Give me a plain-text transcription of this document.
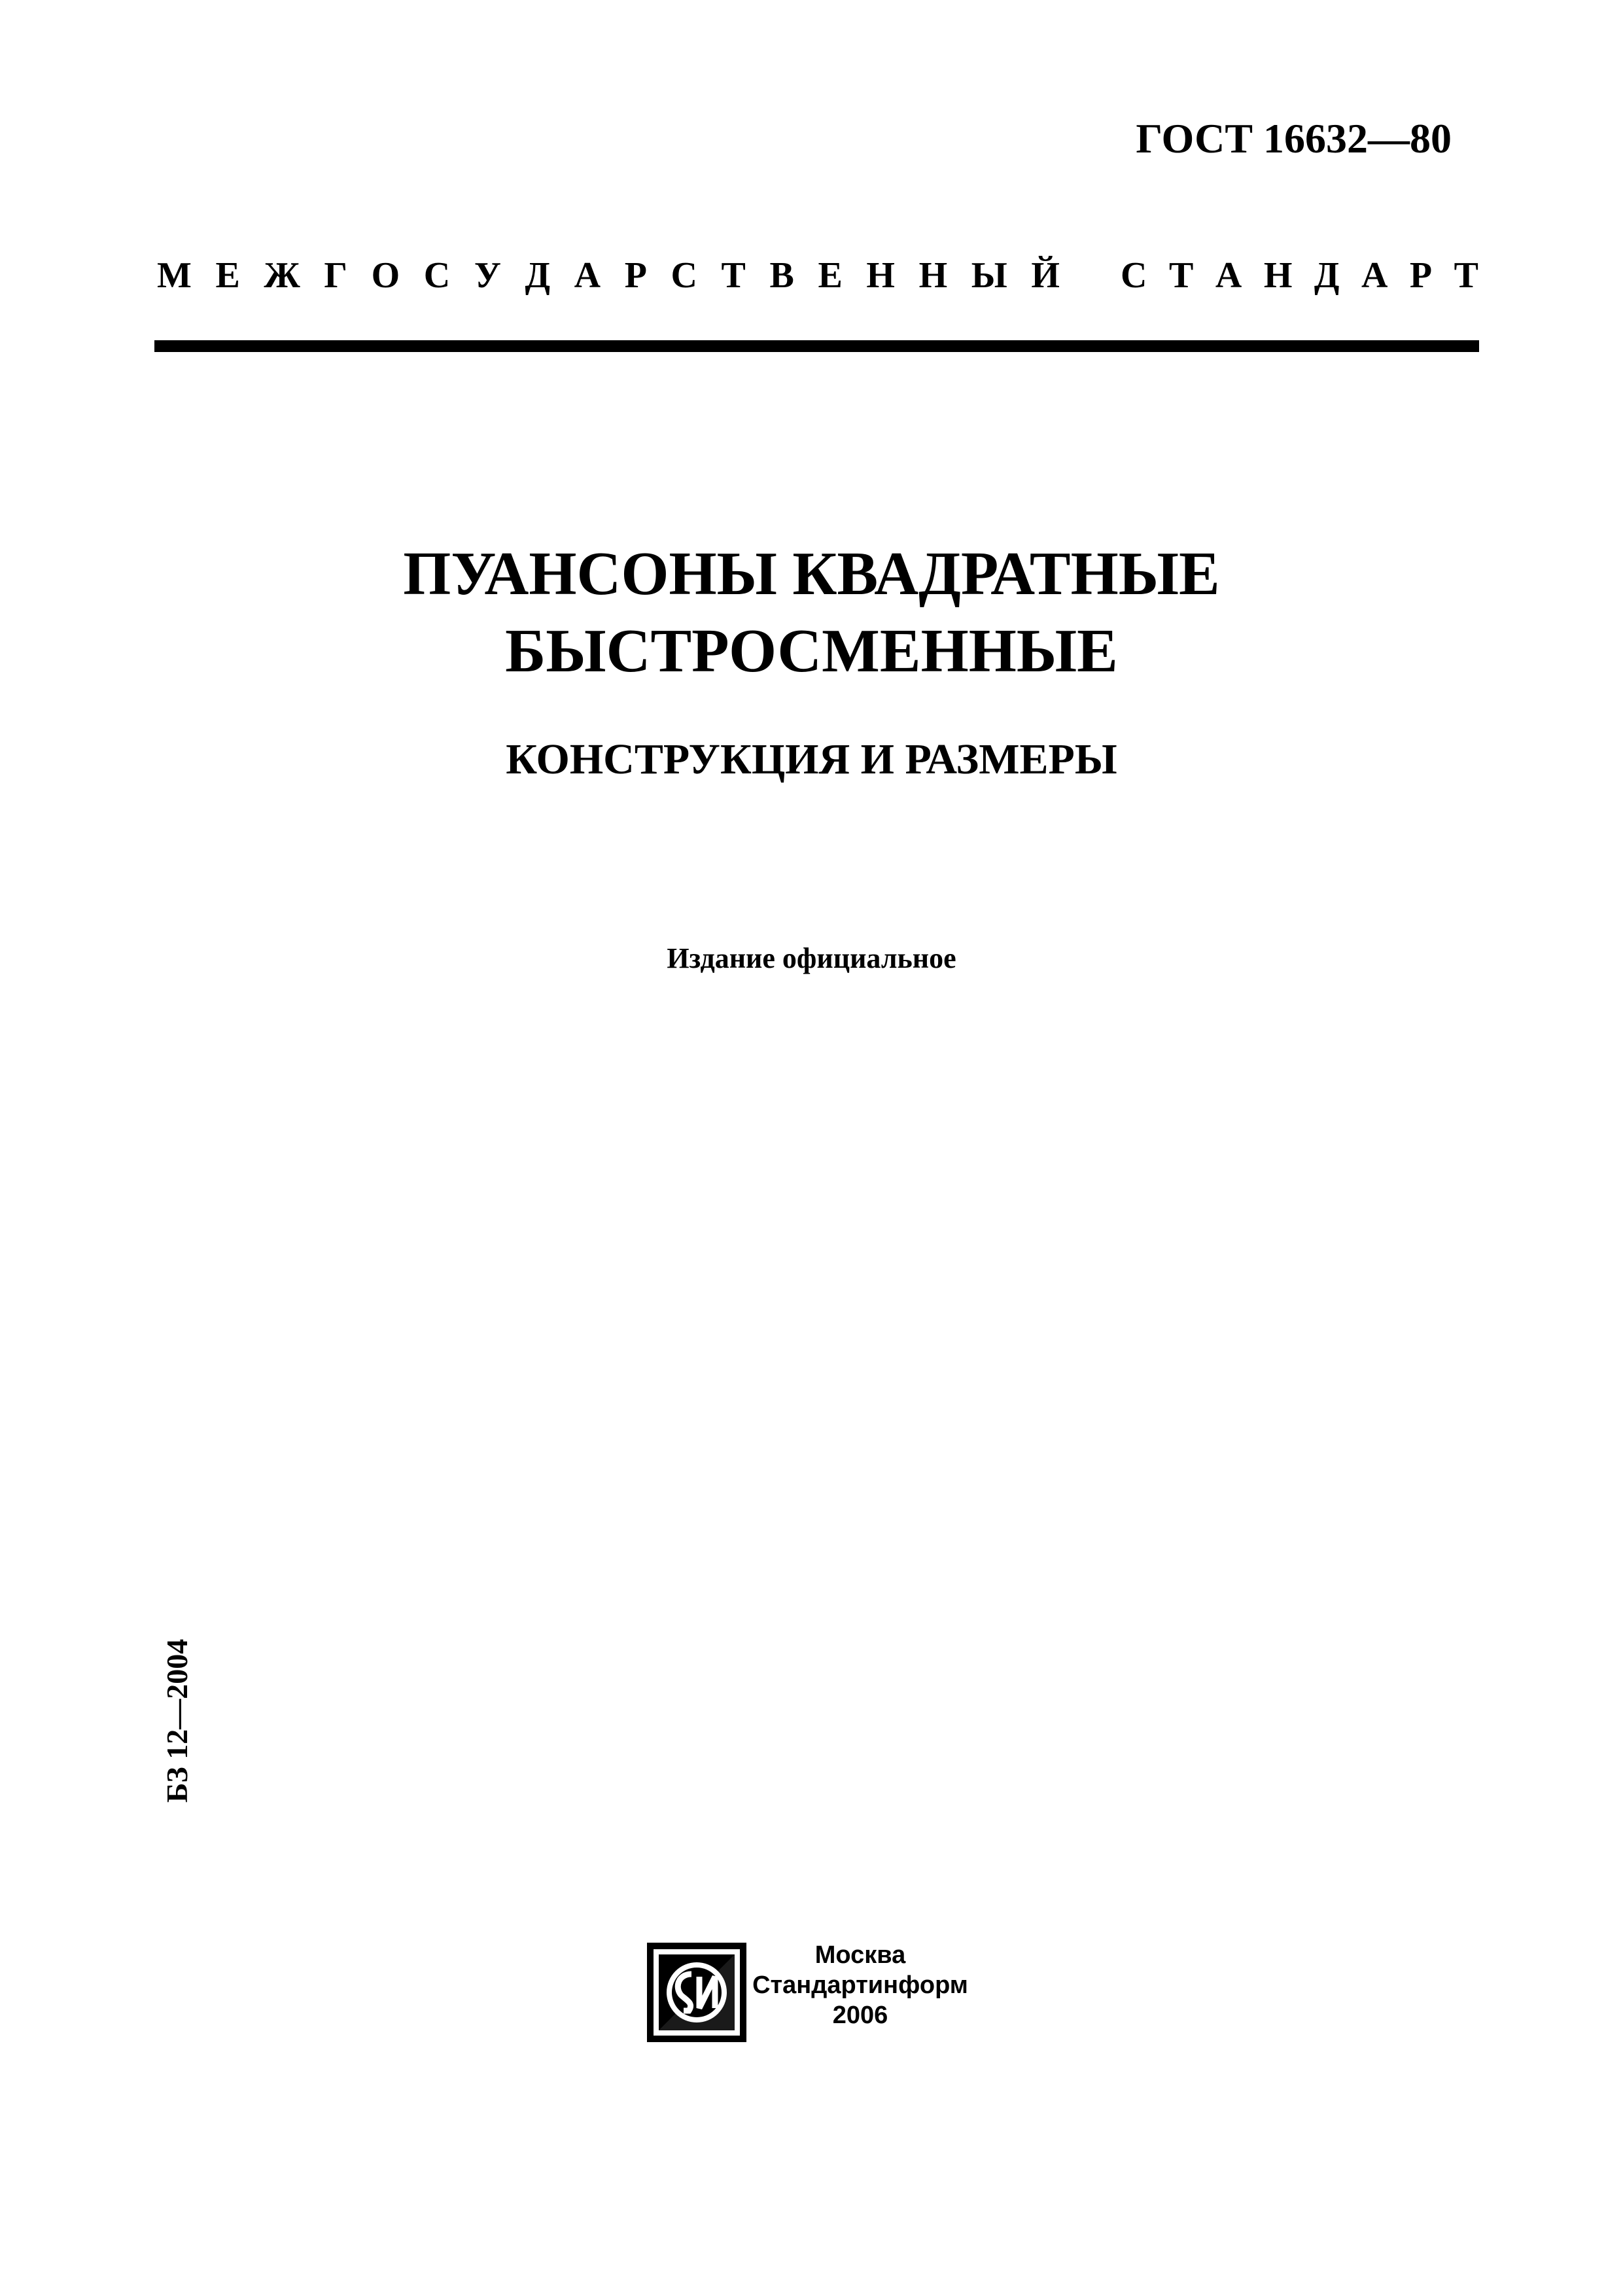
ГОСТ 16632—80
М Е Ж Г О С У Д А Р С Т В Е Н Н Ы Й С Т А Н Д А Р Т

ПУАНСОНЫ КВАДРАТНЫЕ

БЫСТРОСМЕННЫЕ

КОНСТРУКЦИЯ И РАЗМЕРЫ
Издание официальное
БЗ 12—2004
Москва
Стандартинформ
2006
